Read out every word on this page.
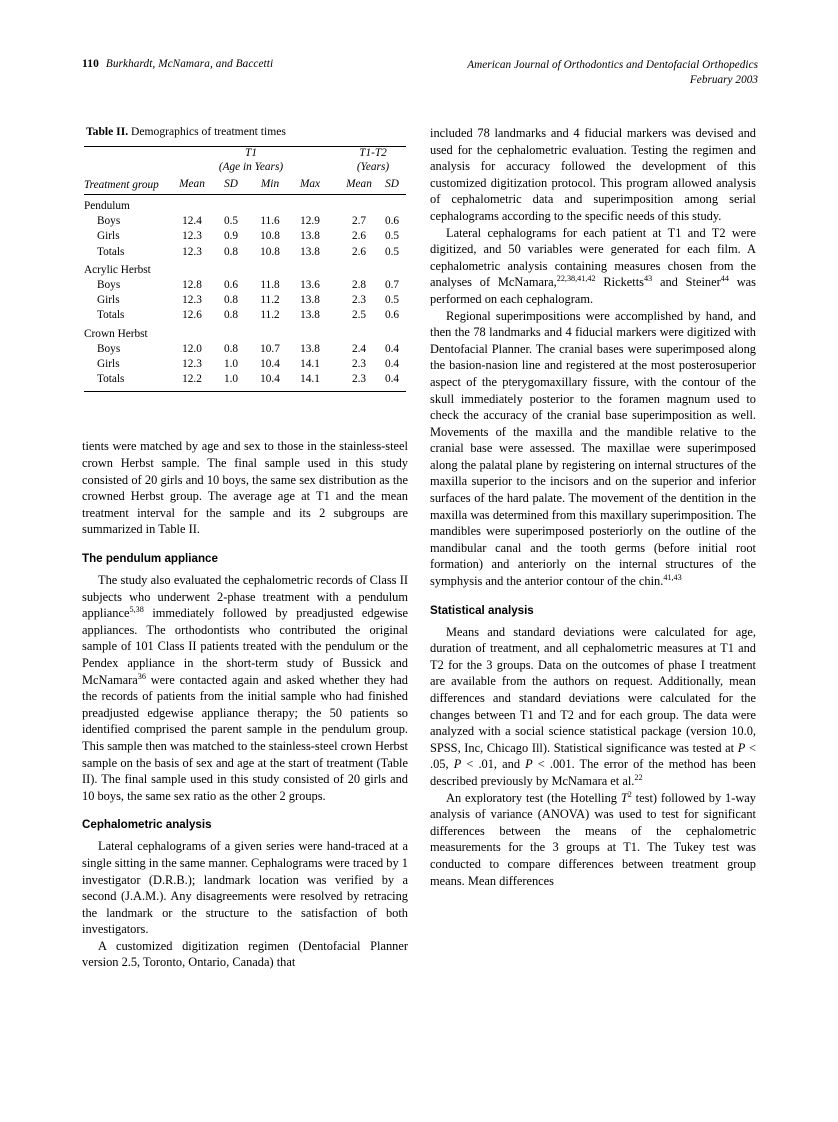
110 Burkhardt, McNamara, and Baccetti	American Journal of Orthodontics and Dentofacial Orthopedics
February 2003
Table II. Demographics of treatment times

T1
(Age in Years)

T1-T2
(Years)

Treatment group	Mean	SD	Min	Max		Mean	SD
Pendulum							
Boys	12.4	0.5	11.6	12.9		2.7	0.6
Girls	12.3	0.9	10.8	13.8		2.6	0.5
Totals	12.3	0.8	10.8	13.8		2.6	0.5
Acrylic Herbst							
Boys	12.8	0.6	11.8	13.6		2.8	0.7
Girls	12.3	0.8	11.2	13.8		2.3	0.5
Totals	12.6	0.8	11.2	13.8		2.5	0.6
Crown Herbst							
Boys	12.0	0.8	10.7	13.8		2.4	0.4
Girls	12.3	1.0	10.4	14.1		2.3	0.4
Totals	12.2	1.0	10.4	14.1		2.3	0.4

tients were matched by age and sex to those in the stainless-steel crown Herbst sample. The final sample used in this study consisted of 20 girls and 10 boys, the same sex distribution as the crowned Herbst group. The average age at T1 and the mean treatment interval for the sample and its 2 subgroups are summarized in Table II.

The pendulum appliance

The study also evaluated the cephalometric records of Class II subjects who underwent 2-phase treatment with a pendulum appliance$^{5,38}$ immediately followed by preadjusted edgewise appliances. The orthodontists who contributed the original sample of 101 Class II patients treated with the pendulum or the Pendex appliance in the short-term study of Bussick and McNamara$^{36}$ were contacted again and asked whether they had the records of patients from the initial sample who had finished preadjusted edgewise appliance therapy; the 50 patients so identified comprised the parent sample in the pendulum group. This sample then was matched to the stainless-steel crown Herbst sample on the basis of sex and age at the start of treatment (Table II). The final sample used in this study consisted of 20 girls and 10 boys, the same sex ratio as the other 2 groups.

Cephalometric analysis

Lateral cephalograms of a given series were hand-traced at a single sitting in the same manner. Cephalograms were traced by 1 investigator (D.R.B.); landmark location was verified by a second (J.A.M.). Any disagreements were resolved by retracing the landmark or the structure to the satisfaction of both investigators.

A customized digitization regimen (Dentofacial Planner version 2.5, Toronto, Ontario, Canada) that

included 78 landmarks and 4 fiducial markers was devised and used for the cephalometric evaluation. Testing the regimen and analysis for accuracy followed the development of this customized digitization protocol. This program allowed analysis of cephalometric data and superimposition among serial cephalograms according to the specific needs of this study.

Lateral cephalograms for each patient at T1 and T2 were digitized, and 50 variables were generated for each film. A cephalometric analysis containing measures chosen from the analyses of McNamara,$^{22,38,41,42}$ Ricketts$^{43}$ and Steiner$^{44}$ was performed on each cephalogram.

Regional superimpositions were accomplished by hand, and then the 78 landmarks and 4 fiducial markers were digitized with Dentofacial Planner. The cranial bases were superimposed along the basion-nasion line and registered at the most posterosuperior aspect of the pterygomaxillary fissure, with the contour of the skull immediately posterior to the foramen magnum used to check the accuracy of the cranial base superimposition as well. Movements of the maxilla and the mandible relative to the cranial base were assessed. The maxillae were superimposed along the palatal plane by registering on internal structures of the maxilla superior to the incisors and on the superior and inferior surfaces of the hard palate. The movement of the dentition in the maxilla was determined from this maxillary superimposition. The mandibles were superimposed posteriorly on the outline of the mandibular canal and the tooth germs (before initial root formation) and anteriorly on the internal structures of the symphysis and the anterior contour of the chin.$^{41,43}$

Statistical analysis

Means and standard deviations were calculated for age, duration of treatment, and all cephalometric measures at T1 and T2 for the 3 groups. Data on the outcomes of phase I treatment are available from the authors on request. Additionally, mean differences and standard deviations were calculated for the changes between T1 and T2 and for each group. The data were analyzed with a social science statistical package (version 10.0, SPSS, Inc, Chicago Ill). Statistical significance was tested at P < .05, P < .01, and P < .001. The error of the method has been described previously by McNamara et al.$^{22}$

An exploratory test (the Hotelling $T^2$ test) followed by 1-way analysis of variance (ANOVA) was used to test for significant differences between the means of the cephalometric measurements for the 3 groups at T1. The Tukey test was conducted to compare differences between treatment group means. Mean differences
